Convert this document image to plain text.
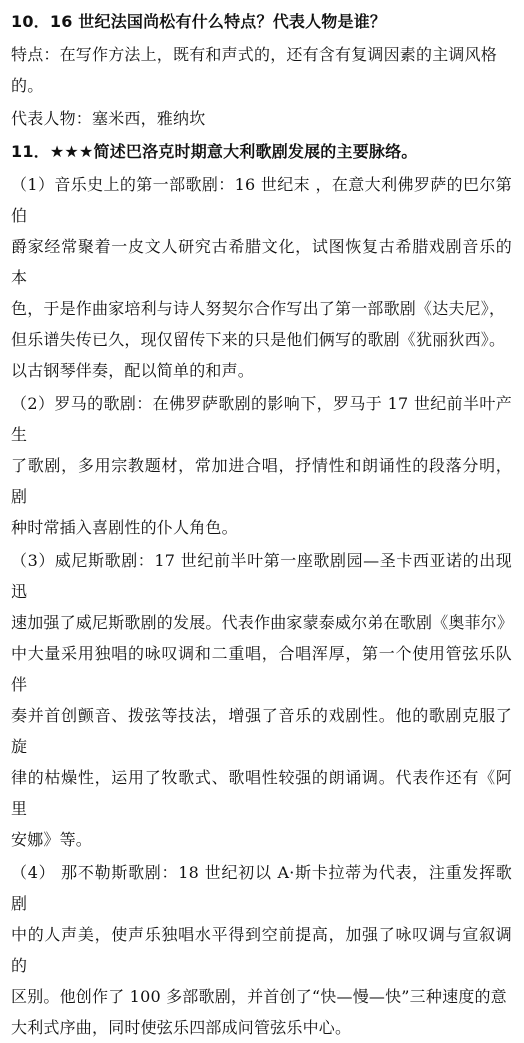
10．16 世纪法国尚松有什么特点？代表人物是谁？

特点：在写作方法上，既有和声式的，还有含有复调因素的主调风格的。

代表人物：塞米西，雅纳坎

11．★★★简述巴洛克时期意大利歌剧发展的主要脉络。

（1）音乐史上的第一部歌剧：16 世纪末 ，在意大利佛罗萨的巴尔第伯
爵家经常聚着一皮文人研究古希腊文化，试图恢复古希腊戏剧音乐的本
色，于是作曲家培利与诗人努契尔合作写出了第一部歌剧《达夫尼》，
但乐谱失传已久，现仅留传下来的只是他们俩写的歌剧《犹丽狄西》。
以古钢琴伴奏，配以简单的和声。
（2）罗马的歌剧：在佛罗萨歌剧的影响下，罗马于 17 世纪前半叶产生
了歌剧，多用宗教题材，常加进合唱，抒情性和朗诵性的段落分明，剧
种时常插入喜剧性的仆人角色。
（3）威尼斯歌剧：17 世纪前半叶第一座歌剧园—圣卡西亚诺的出现迅
速加强了威尼斯歌剧的发展。代表作曲家蒙泰威尔弟在歌剧《奥菲尔》
中大量采用独唱的咏叹调和二重唱，合唱浑厚，第一个使用管弦乐队伴
奏并首创颤音、拨弦等技法，增强了音乐的戏剧性。他的歌剧克服了旋
律的枯燥性，运用了牧歌式、歌唱性较强的朗诵调。代表作还有《阿里
安娜》等。
（4） 那不勒斯歌剧：18 世纪初以 A·斯卡拉蒂为代表，注重发挥歌剧
中的人声美，使声乐独唱水平得到空前提高，加强了咏叹调与宣叙调的
区别。他创作了 100 多部歌剧，并首创了“快—慢—快”三种速度的意
大利式序曲，同时使弦乐四部成问管弦乐中心。
